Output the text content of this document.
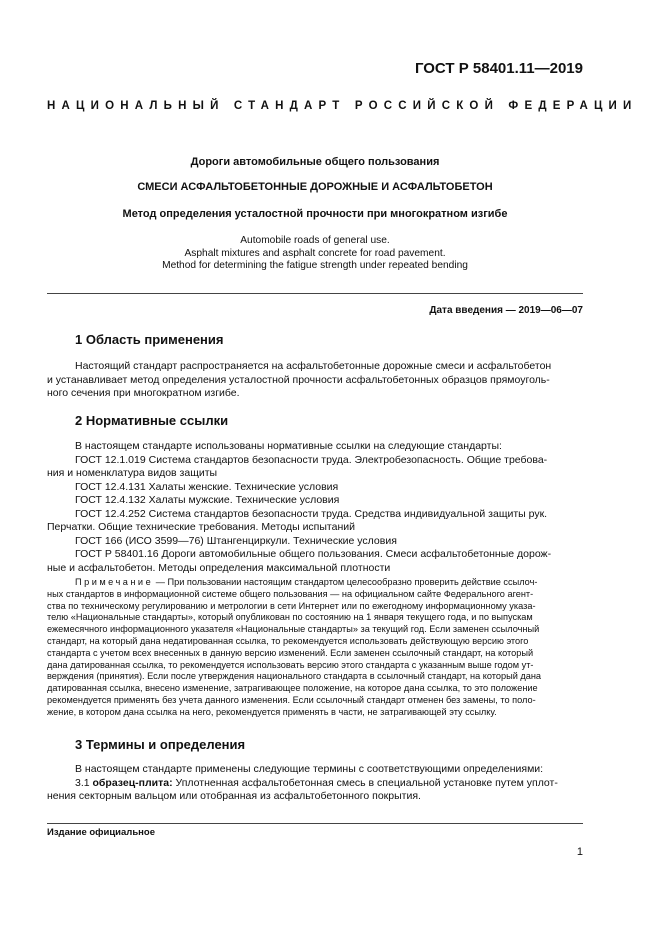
ГОСТ Р 58401.11—2019
НАЦИОНАЛЬНЫЙ СТАНДАРТ РОССИЙСКОЙ ФЕДЕРАЦИИ
Дороги автомобильные общего пользования
СМЕСИ АСФАЛЬТОБЕТОННЫЕ ДОРОЖНЫЕ И АСФАЛЬТОБЕТОН
Метод определения усталостной прочности при многократном изгибе
Automobile roads of general use.
Asphalt mixtures and asphalt concrete for road pavement.
Method for determining the fatigue strength under repeated bending
Дата введения — 2019—06—07
1 Область применения
Настоящий стандарт распространяется на асфальтобетонные дорожные смеси и асфальтобетон
и устанавливает метод определения усталостной прочности асфальтобетонных образцов прямоуголь-
ного сечения при многократном изгибе.
2 Нормативные ссылки
В настоящем стандарте использованы нормативные ссылки на следующие стандарты:
ГОСТ 12.1.019 Система стандартов безопасности труда. Электробезопасность. Общие требова-
ния и номенклатура видов защиты
ГОСТ 12.4.131 Халаты женские. Технические условия
ГОСТ 12.4.132 Халаты мужские. Технические условия
ГОСТ 12.4.252 Система стандартов безопасности труда. Средства индивидуальной защиты рук.
Перчатки. Общие технические требования. Методы испытаний
ГОСТ 166 (ИСО 3599—76) Штангенциркули. Технические условия
ГОСТ Р 58401.16 Дороги автомобильные общего пользования. Смеси асфальтобетонные дорож-
ные и асфальтобетон. Методы определения максимальной плотности
Примечание — При пользовании настоящим стандартом целесообразно проверить действие ссылоч-
ных стандартов в информационной системе общего пользования — на официальном сайте Федерального агент-
ства по техническому регулированию и метрологии в сети Интернет или по ежегодному информационному указа-
телю «Национальные стандарты», который опубликован по состоянию на 1 января текущего года, и по выпускам
ежемесячного информационного указателя «Национальные стандарты» за текущий год. Если заменен ссылочный
стандарт, на который дана недатированная ссылка, то рекомендуется использовать действующую версию этого
стандарта с учетом всех внесенных в данную версию изменений. Если заменен ссылочный стандарт, на который
дана датированная ссылка, то рекомендуется использовать версию этого стандарта с указанным выше годом ут-
верждения (принятия). Если после утверждения национального стандарта в ссылочный стандарт, на который дана
датированная ссылка, внесено изменение, затрагивающее положение, на которое дана ссылка, то это положение
рекомендуется применять без учета данного изменения. Если ссылочный стандарт отменен без замены, то поло-
жение, в котором дана ссылка на него, рекомендуется применять в части, не затрагивающей эту ссылку.
3 Термины и определения
В настоящем стандарте применены следующие термины с соответствующими определениями:
3.1 образец-плита: Уплотненная асфальтобетонная смесь в специальной установке путем уплот-
нения секторным вальцом или отобранная из асфальтобетонного покрытия.
Издание официальное
1
